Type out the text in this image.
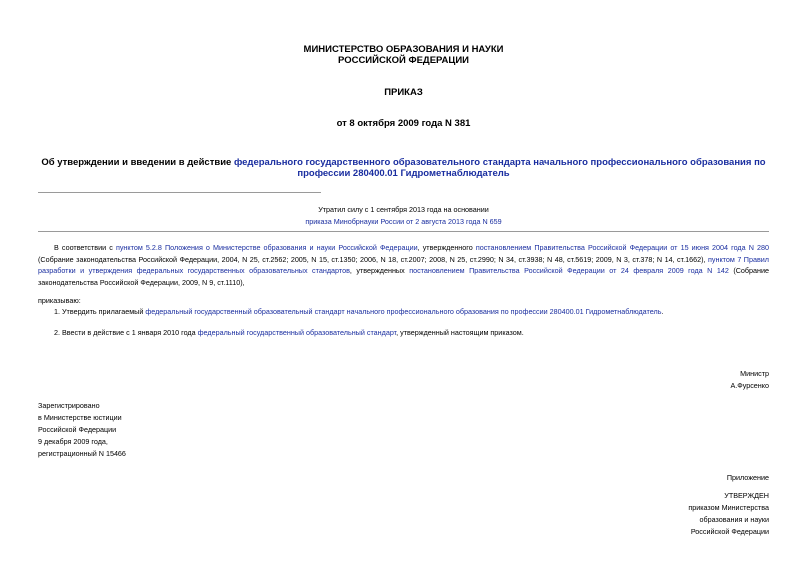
МИНИСТЕРСТВО ОБРАЗОВАНИЯ И НАУКИ
РОССИЙСКОЙ ФЕДЕРАЦИИ
ПРИКАЗ
от 8 октября 2009 года N 381
Об утверждении и введении в действие федерального государственного образовательного стандарта начального профессионального образования по
профессии 280400.01 Гидрометнаблюдатель
Утратил силу с 1 сентября 2013 года на основании
приказа Минобрнауки России от 2 августа 2013 года N 659
В соответствии с пунктом 5.2.8 Положения о Министерстве образования и науки Российской Федерации, утвержденного постановлением Правительства Российской Федерации от 15 июня 2004 года N 280 (Собрание законодательства Российской Федерации, 2004, N 25, ст.2562; 2005, N 15, ст.1350; 2006, N 18, ст.2007; 2008, N 25, ст.2990; N 34, ст.3938; N 48, ст.5619; 2009, N 3, ст.378; N 14, ст.1662), пунктом 7 Правил разработки и утверждения федеральных государственных образовательных стандартов, утвержденных постановлением Правительства Российской Федерации от 24 февраля 2009 года N 142 (Собрание законодательства Российской Федерации, 2009, N 9, ст.1110),
приказываю:
1. Утвердить прилагаемый федеральный государственный образовательный стандарт начального профессионального образования по профессии 280400.01 Гидрометнаблюдатель.
2. Ввести в действие с 1 января 2010 года федеральный государственный образовательный стандарт, утвержденный настоящим приказом.
Министр
А.Фурсенко
Зарегистрировано
в Министерстве юстиции
Российской Федерации
9 декабря 2009 года,
регистрационный N 15466
Приложение
УТВЕРЖДЕН
приказом Министерства
образования и науки
Российской Федерации
